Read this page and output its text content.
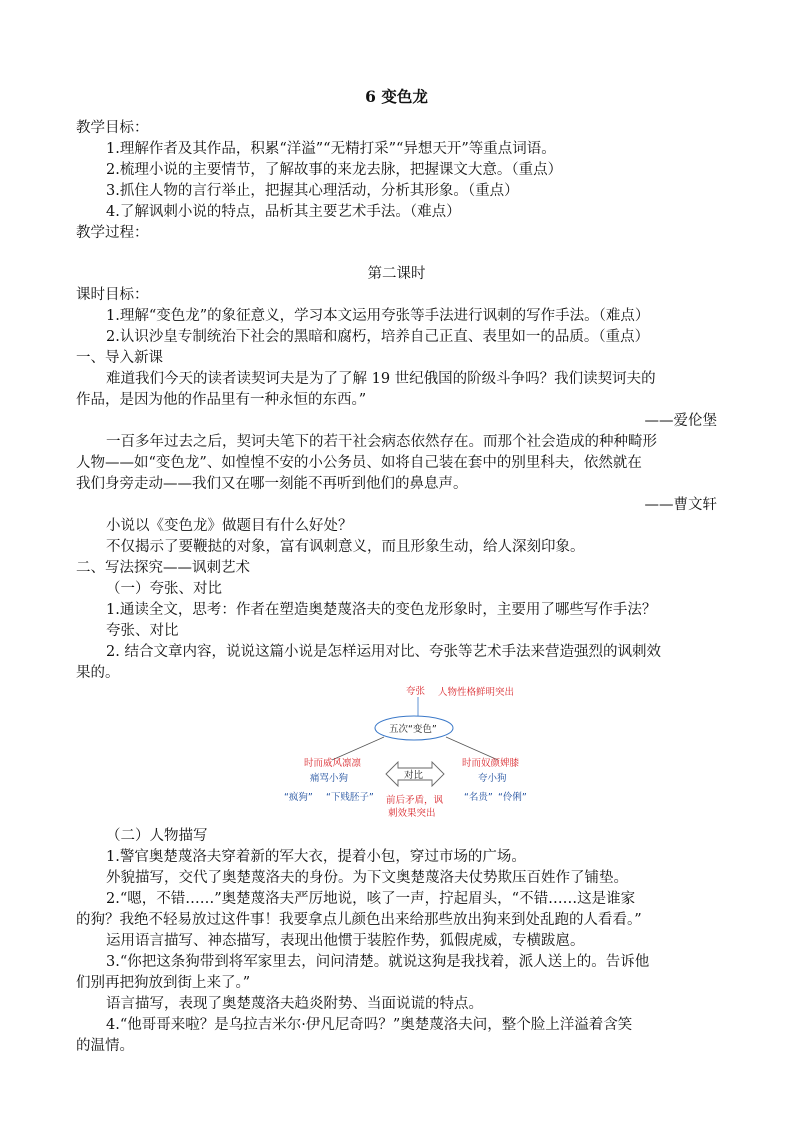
6 变色龙
教学目标：
1.理解作者及其作品，积累“洋溢”“无精打采”“异想天开”等重点词语。
2.梳理小说的主要情节，了解故事的来龙去脉，把握课文大意。（重点）
3.抓住人物的言行举止，把握其心理活动，分析其形象。（重点）
4.了解讽刺小说的特点，品析其主要艺术手法。（难点）
教学过程：
第二课时
课时目标：
1.理解“变色龙”的象征意义，学习本文运用夸张等手法进行讽刺的写作手法。（难点）
2.认识沙皇专制统治下社会的黑暗和腐朽，培养自己正直、表里如一的品质。（重点）
一、导入新课
难道我们今天的读者读契诃夫是为了了解 19 世纪俄国的阶级斗争吗？我们读契诃夫的
作品，是因为他的作品里有一种永恒的东西。”
——爱伦堡
一百多年过去之后，契诃夫笔下的若干社会病态依然存在。而那个社会造成的种种畸形
人物——如“变色龙”、如惶惶不安的小公务员、如将自己装在套中的别里科夫，依然就在
我们身旁走动——我们又在哪一刻能不再听到他们的鼻息声。
——曹文轩
小说以《变色龙》做题目有什么好处？
不仅揭示了要鞭挞的对象，富有讽刺意义，而且形象生动，给人深刻印象。
二、写法探究——讽刺艺术
（一）夸张、对比
1.通读全文，思考：作者在塑造奥楚蔑洛夫的变色龙形象时，主要用了哪些写作手法？
夸张、对比
2. 结合文章内容，说说这篇小说是怎样运用对比、夸张等艺术手法来营造强烈的讽刺效
果的。
夸张 人物性格鲜明突出
五次“变色”
时而威风凛凛
痛骂小狗
“疯狗” “下贱胚子”
对比
前后矛盾，讽
刺效果突出
时而奴颜婢膝
夸小狗
“名贵” “伶俐”
（二）人物描写
1.警官奥楚蔑洛夫穿着新的军大衣，提着小包，穿过市场的广场。
外貌描写，交代了奥楚蔑洛夫的身份。为下文奥楚蔑洛夫仗势欺压百姓作了铺垫。
2.“嗯，不错……”奥楚蔑洛夫严厉地说，咳了一声，拧起眉头，“不错……这是谁家
的狗？我绝不轻易放过这件事！我要拿点儿颜色出来给那些放出狗来到处乱跑的人看看。”
运用语言描写、神态描写，表现出他惯于装腔作势，狐假虎威，专横跋扈。
3.“你把这条狗带到将军家里去，问问清楚。就说这狗是我找着，派人送上的。告诉他
们别再把狗放到街上来了。”
语言描写，表现了奥楚蔑洛夫趋炎附势、当面说谎的特点。
4.“他哥哥来啦？是乌拉吉米尔·伊凡尼奇吗？”奥楚蔑洛夫问，整个脸上洋溢着含笑
的温情。
